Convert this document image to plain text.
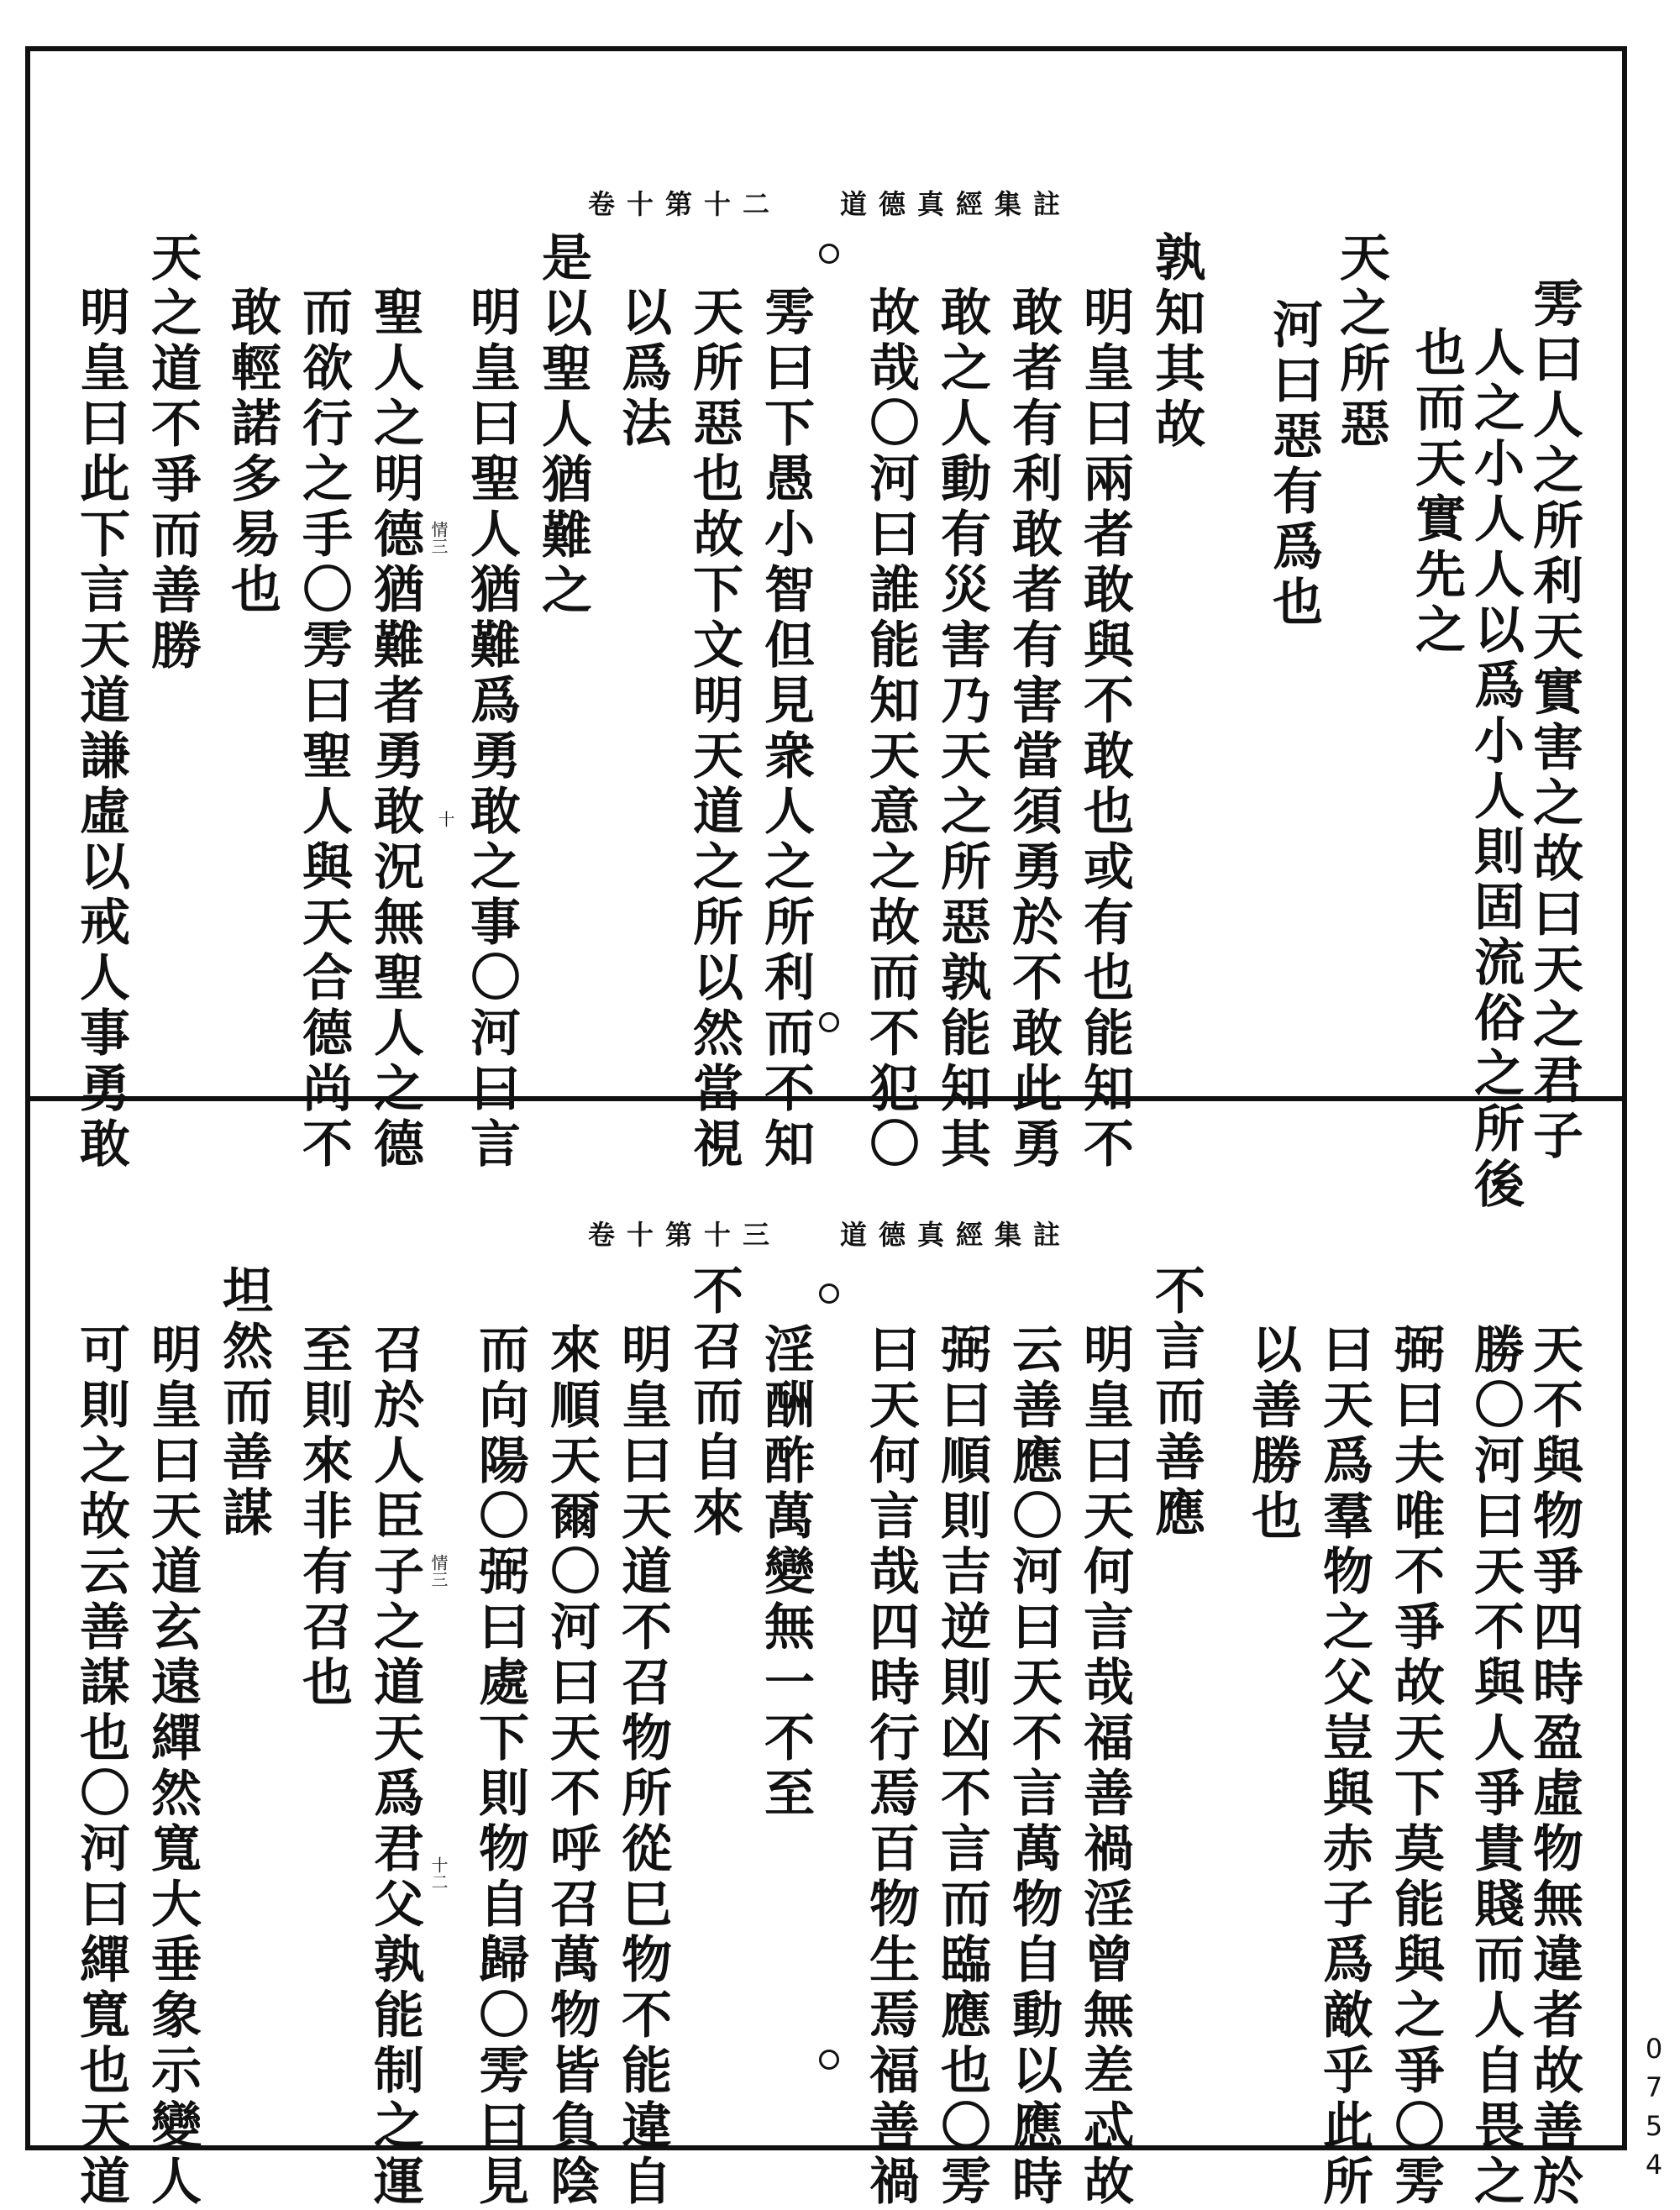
道德真經集註
卷十第十二
雱曰人之所利天實害之故曰天之君子
人之小人人以爲小人則固流俗之所後
也而天實先之
天之所惡
河曰惡有爲也
孰知其故
明皇曰兩者敢與不敢也或有也能知不
敢者有利敢者有害當須勇於不敢此勇
敢之人動有災害乃天之所惡孰能知其
故哉〇河曰誰能知天意之故而不犯〇
雱曰下愚小智但見衆人之所利而不知
天所惡也故下文明天道之所以然當視
以爲法
是以聖人猶難之
明皇曰聖人猶難爲勇敢之事〇河曰言
聖人之明德猶難者勇敢況無聖人之德
而欲行之手〇雱曰聖人與天合德尚不
敢輕諾多易也
天之道不爭而善勝
明皇曰此下言天道謙虛以戒人事勇敢	十
情三
道德真經集註
卷十第十三
天不與物爭四時盈虛物無違者故善於
勝〇河曰天不與人爭貴賤而人自畏之
弼曰夫唯不爭故天下莫能與之爭〇雱
曰天爲羣物之父豈與赤子爲敵乎此所
以善勝也
不言而善應
明皇曰天何言哉福善禍淫曾無差忒故
云善應〇河曰天不言萬物自動以應時
弼曰順則吉逆則凶不言而臨應也〇雱
曰天何言哉四時行焉百物生焉福善禍
淫酬酢萬變無一不至
不召而自來
明皇曰天道不召物所從巳物不能違自
來順天爾〇河曰天不呼召萬物皆負陰
而向陽〇弼曰處下則物自歸〇雱曰見
召於人臣子之道天爲君父孰能制之運
至則來非有召也
坦然而善謀
明皇曰天道玄遠繟然寬大垂象示變人
可則之故云善謀也〇河曰繟寬也天道	十二
情三
0754
